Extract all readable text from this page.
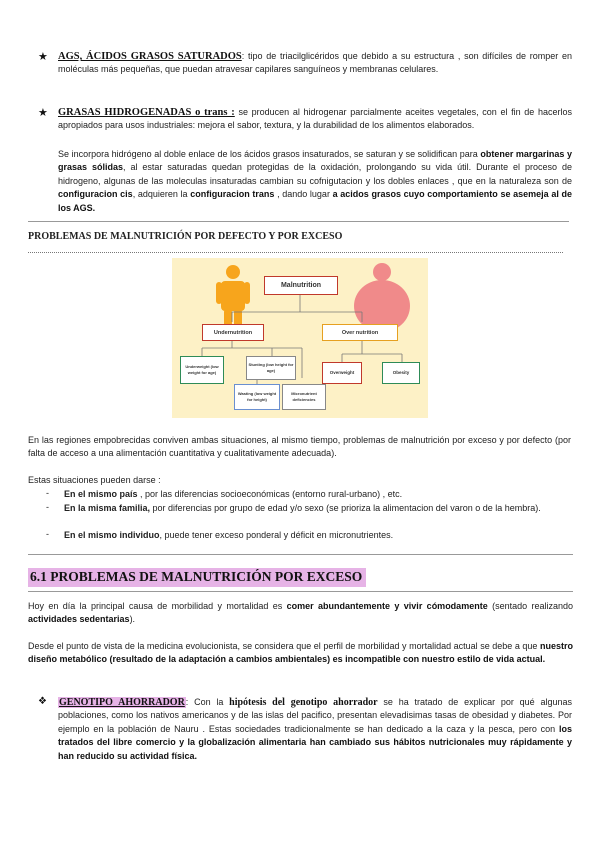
★ AGS, ÁCIDOS GRASOS SATURADOS: tipo de triacilglicéridos que debido a su estructura , son difíciles de romper en moléculas más pequeñas, que puedan atravesar capilares sanguíneos y membranas celulares.
★ GRASAS HIDROGENADAS o trans : se producen al hidrogenar parcialmente aceites vegetales, con el fin de hacerlos apropiados para usos industriales: mejora el sabor, textura, y la durabilidad de los alimentos elaborados.
Se incorpora hidrógeno al doble enlace de los ácidos grasos insaturados, se saturan y se solidifican para obtener margarinas y grasas sólidas, al estar saturadas quedan protegidas de la oxidación, prolongando su vida útil. Durante el proceso de hidrogeno, algunas de las moleculas insaturadas cambian su cofnigutacion y los dobles enlaces , que en la naturaleza son de configuracion cis, adquieren la configuracion trans , dando lugar a acidos grasos cuyo comportamiento se asemeja al de los AGS.
PROBLEMAS DE MALNUTRICIÓN POR DEFECTO Y POR EXCESO
Malnutrition
Undernutrition	Over nutrition
Underweight (low weight for age)
Stunting (low height for age)
Wasting (low weight for height)
Micronutrient deficiencies
Overweight	Obesity
En las regiones empobrecidas conviven ambas situaciones, al mismo tiempo, problemas de malnutrición por exceso y por defecto (por falta de acceso a una alimentación cuantitativa y cualitativamente adecuada).
Estas situaciones pueden darse :
- En el mismo país , por las diferencias socioeconómicas (entorno rural-urbano) , etc.
- En la misma familia, por diferencias por grupo de edad y/o sexo (se prioriza la alimentacion del varon o de la hembra).
- En el mismo individuo, puede tener exceso ponderal y déficit en micronutrientes.
6.1 PROBLEMAS DE MALNUTRICIÓN POR EXCESO
Hoy en día la principal causa de morbilidad y mortalidad es comer abundantemente y vivir cómodamente (sentado realizando actividades sedentarias).
Desde el punto de vista de la medicina evolucionista, se considera que el perfil de morbilidad y mortalidad actual se debe a que nuestro diseño metabólico (resultado de la adaptación a cambios ambientales) es incompatible con nuestro estilo de vida actual.
❖ GENOTIPO AHORRADOR: Con la hipótesis del genotipo ahorrador se ha tratado de explicar por qué algunas poblaciones, como los nativos americanos y de las islas del pacifico, presentan elevadisimas tasas de obesidad y diabetes. Por ejemplo en la población de Nauru . Estas sociedades tradicionalmente se han dedicado a la caza y la pesca, pero con los tratados del libre comercio y la globalización alimentaria han cambiado sus hábitos nutricionales muy rápidamente y han reducido su actividad física.
